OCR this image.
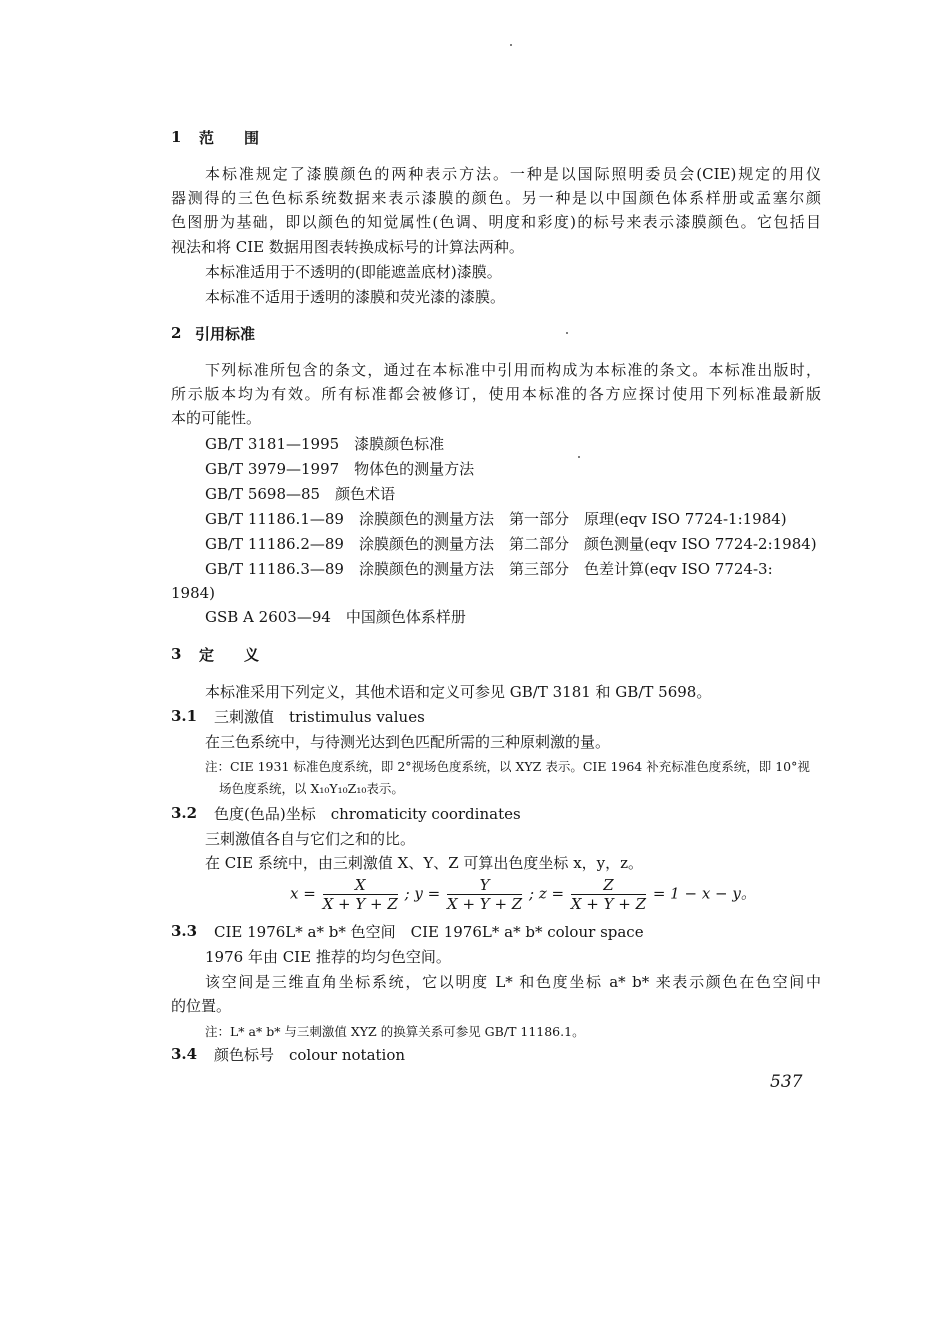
1 范　　围
本标准规定了漆膜颜色的两种表示方法。一种是以国际照明委员会(CIE)规定的用仪
器测得的三色色标系统数据来表示漆膜的颜色。另一种是以中国颜色体系样册或孟塞尔颜
色图册为基础，即以颜色的知觉属性(色调、明度和彩度)的标号来表示漆膜颜色。它包括目
视法和将 CIE 数据用图表转换成标号的计算法两种。
本标准适用于不透明的(即能遮盖底材)漆膜。
本标准不适用于透明的漆膜和荧光漆的漆膜。
2 引用标准
下列标准所包含的条文，通过在本标准中引用而构成为本标准的条文。本标准出版时，
所示版本均为有效。所有标准都会被修订，使用本标准的各方应探讨使用下列标准最新版
本的可能性。
GB/T 3181—1995　漆膜颜色标准
GB/T 3979—1997　物体色的测量方法
GB/T 5698—85　颜色术语
GB/T 11186.1—89　涂膜颜色的测量方法　第一部分　原理(eqv ISO 7724-1:1984)
GB/T 11186.2—89　涂膜颜色的测量方法　第二部分　颜色测量(eqv ISO 7724-2:1984)
GB/T 11186.3—89　涂膜颜色的测量方法　第三部分　色差计算(eqv ISO 7724-3:
1984)
GSB A 2603—94　中国颜色体系样册
3 定　　义
本标准采用下列定义，其他术语和定义可参见 GB/T 3181 和 GB/T 5698。
3.1 三刺激值　tristimulus values
在三色系统中，与待测光达到色匹配所需的三种原刺激的量。
注：CIE 1931 标准色度系统，即 2°视场色度系统，以 XYZ 表示。CIE 1964 补充标准色度系统，即 10°视
场色度系统，以 X₁₀Y₁₀Z₁₀表示。
3.2 色度(色品)坐标　chromaticity coordinates
三刺激值各自与它们之和的比。
在 CIE 系统中，由三刺激值 X、Y、Z 可算出色度坐标 x，y，z。
$x = \frac{X}{X + Y + Z}$ ; $y = \frac{Y}{X + Y + Z}$ ; $z = \frac{Z}{X + Y + Z} = 1 - x - y$。
3.3 CIE 1976L* a* b* 色空间　CIE 1976L* a* b* colour space
1976 年由 CIE 推荐的均匀色空间。
该空间是三维直角坐标系统，它以明度 L* 和色度坐标 a* b* 来表示颜色在色空间中
的位置。
注：L* a* b* 与三刺激值 XYZ 的换算关系可参见 GB/T 11186.1。
3.4 颜色标号　colour notation
537
